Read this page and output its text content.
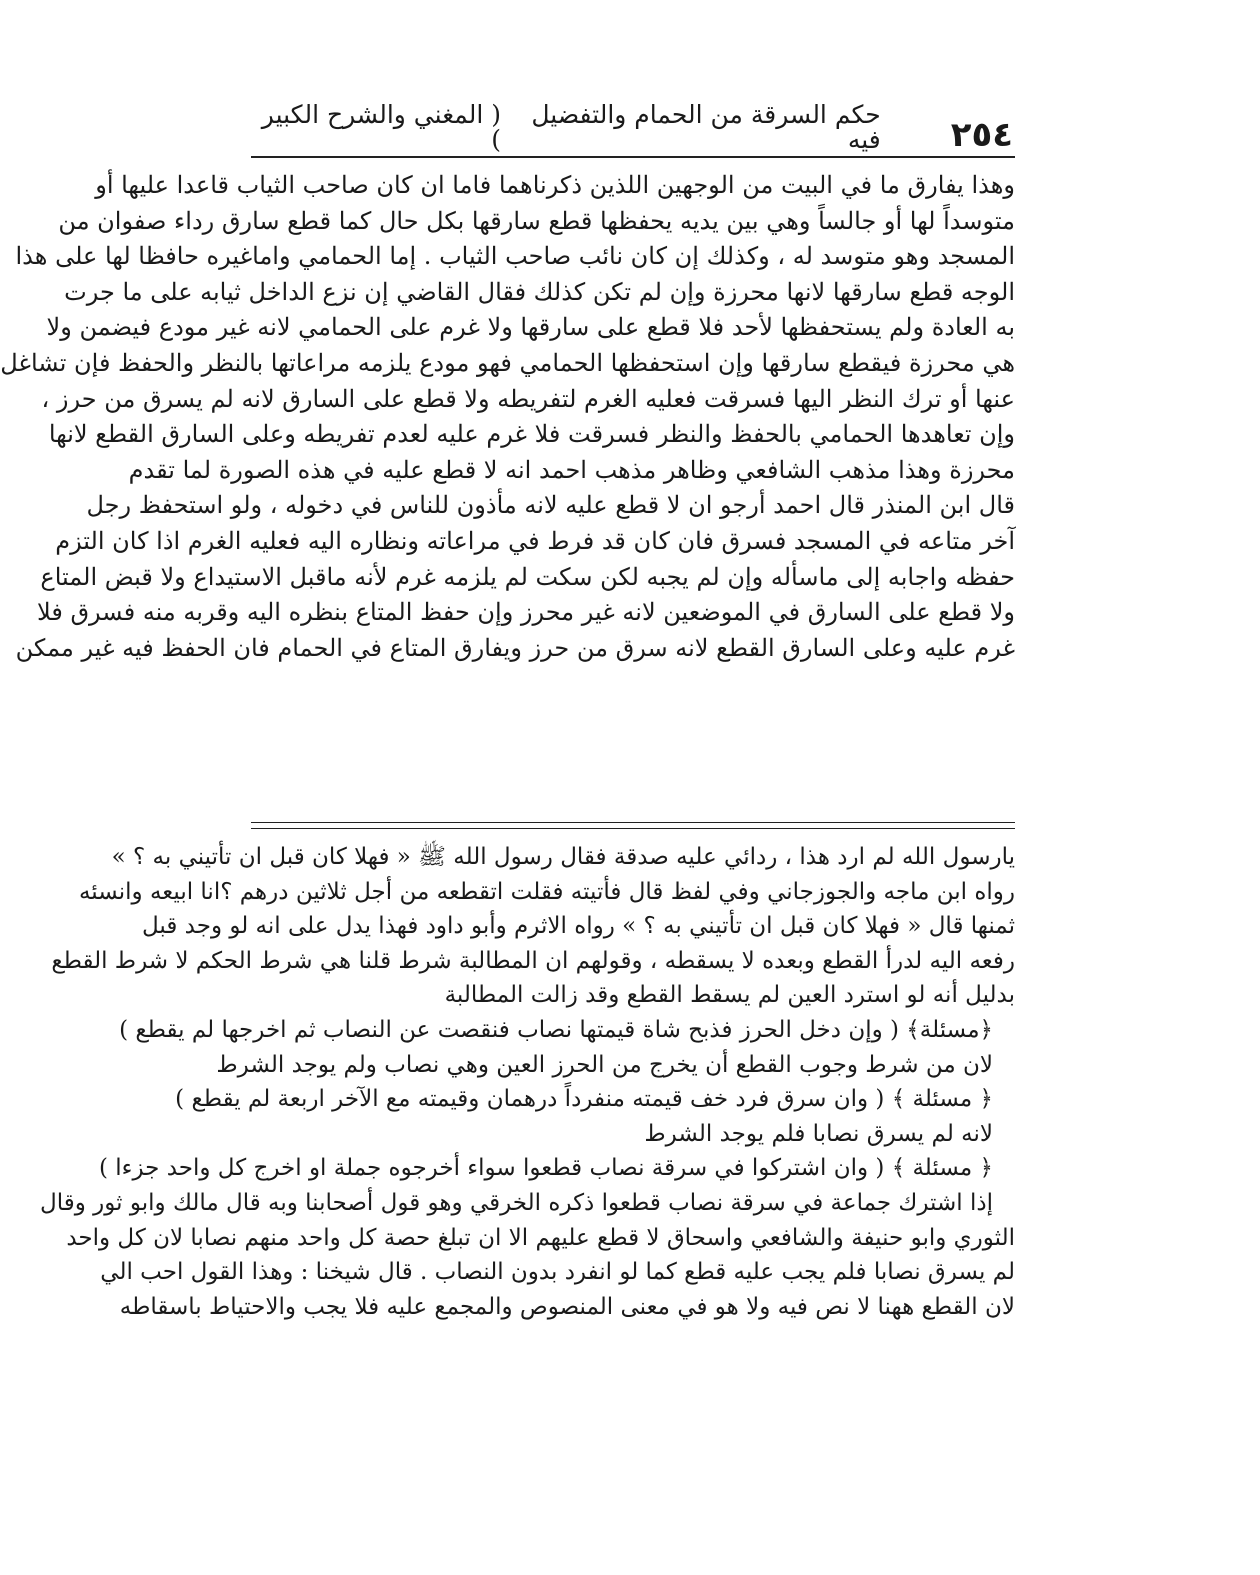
٢٥٤
حكم السرقة من الحمام والتفضيل فيه
( المغني والشرح الكبير )
وهذا يفارق ما في البيت من الوجهين اللذين ذكرناهما فاما ان كان صاحب الثياب قاعدا عليها أو
متوسداً لها أو جالساً وهي بين يديه يحفظها قطع سارقها بكل حال كما قطع سارق رداء صفوان من
المسجد وهو متوسد له ، وكذلك إن كان نائب صاحب الثياب . إما الحمامي واماغيره حافظا لها على هذا
الوجه قطع سارقها لانها محرزة وإن لم تكن كذلك فقال القاضي إن نزع الداخل ثيابه على ما جرت
به العادة ولم يستحفظها لأحد فلا قطع على سارقها ولا غرم على الحمامي لانه غير مودع فيضمن ولا
هي محرزة فيقطع سارقها وإن استحفظها الحمامي فهو مودع يلزمه مراعاتها بالنظر والحفظ فإن تشاغل
عنها أو ترك النظر اليها فسرقت فعليه الغرم لتفريطه ولا قطع على السارق لانه لم يسرق من حرز ،
وإن تعاهدها الحمامي بالحفظ والنظر فسرقت فلا غرم عليه لعدم تفريطه وعلى السارق القطع لانها
محرزة وهذا مذهب الشافعي وظاهر مذهب احمد انه لا قطع عليه في هذه الصورة لما تقدم
قال ابن المنذر قال احمد أرجو ان لا قطع عليه لانه مأذون للناس في دخوله ، ولو استحفظ رجل
آخر متاعه في المسجد فسرق فان كان قد فرط في مراعاته ونظاره اليه فعليه الغرم اذا كان التزم
حفظه واجابه إلى ماسأله وإن لم يجبه لكن سكت لم يلزمه غرم لأنه ماقبل الاستيداع ولا قبض المتاع
ولا قطع على السارق في الموضعين لانه غير محرز وإن حفظ المتاع بنظره اليه وقربه منه فسرق فلا
غرم عليه وعلى السارق القطع لانه سرق من حرز ويفارق المتاع في الحمام فان الحفظ فيه غير ممكن
يارسول الله لم ارد هذا ، ردائي عليه صدقة فقال رسول الله ﷺ « فهلا كان قبل ان تأتيني به ؟ »
رواه ابن ماجه والجوزجاني وفي لفظ قال فأتيته فقلت اتقطعه من أجل ثلاثين درهم ؟انا ابيعه وانسئه
ثمنها قال « فهلا كان قبل ان تأتيني به ؟ » رواه الاثرم وأبو داود فهذا يدل على انه لو وجد قبل
رفعه اليه لدرأ القطع وبعده لا يسقطه ، وقولهم ان المطالبة شرط قلنا هي شرط الحكم لا شرط القطع
بدليل أنه لو استرد العين لم يسقط القطع وقد زالت المطالبة
﴿مسئلة﴾ ( وإن دخل الحرز فذبح شاة قيمتها نصاب فنقصت عن النصاب ثم اخرجها لم يقطع )
لان من شرط وجوب القطع أن يخرج من الحرز العين وهي نصاب ولم يوجد الشرط
﴿ مسئلة ﴾ ( وان سرق فرد خف قيمته منفرداً درهمان وقيمته مع الآخر اربعة لم يقطع )
لانه لم يسرق نصابا فلم يوجد الشرط
﴿ مسئلة ﴾ ( وان اشتركوا في سرقة نصاب قطعوا سواء أخرجوه جملة او اخرج كل واحد جزءا )
إذا اشترك جماعة في سرقة نصاب قطعوا ذكره الخرقي وهو قول أصحابنا وبه قال مالك وابو ثور وقال
الثوري وابو حنيفة والشافعي واسحاق لا قطع عليهم الا ان تبلغ حصة كل واحد منهم نصابا لان كل واحد
لم يسرق نصابا فلم يجب عليه قطع كما لو انفرد بدون النصاب . قال شيخنا : وهذا القول احب الي
لان القطع ههنا لا نص فيه ولا هو في معنى المنصوص والمجمع عليه فلا يجب والاحتياط باسقاطه
